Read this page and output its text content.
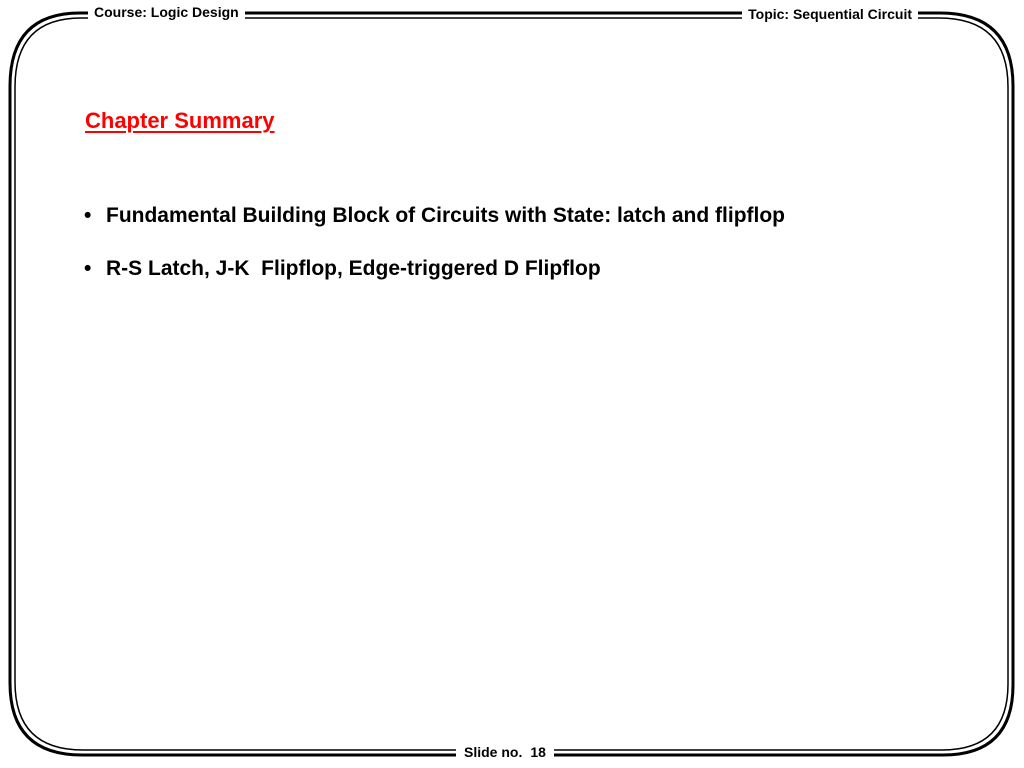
Course: Logic Design	Topic: Sequential Circuit
Chapter Summary
• Fundamental Building Block of Circuits with State: latch and flipflop
• R-S Latch, J-K  Flipflop, Edge-triggered D Flipflop
Slide no. 18
